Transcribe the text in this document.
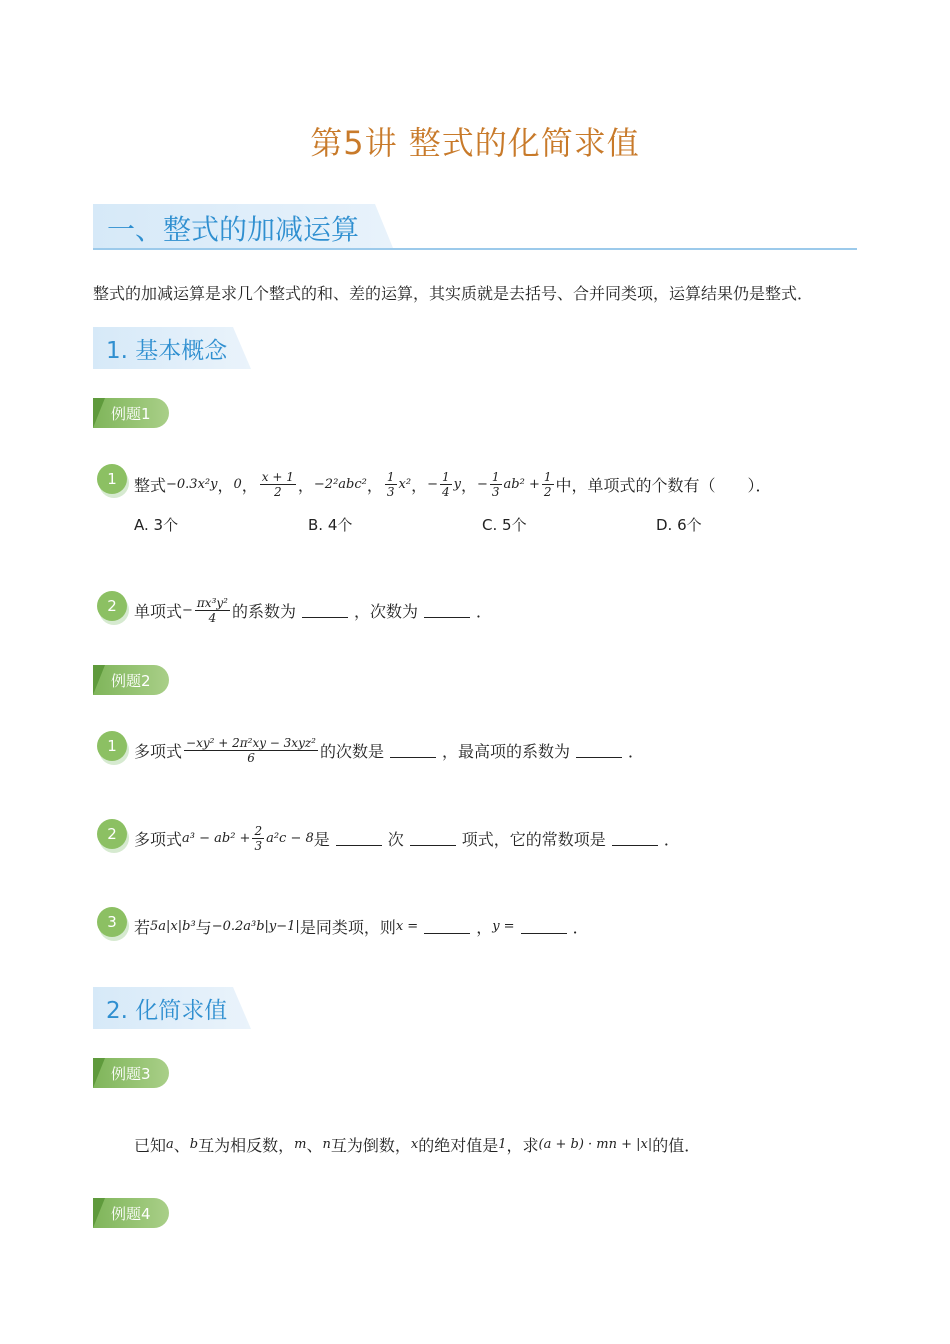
第5讲 整式的化简求值
一、整式的加减运算
整式的加减运算是求几个整式的和、差的运算，其实质就是去括号、合并同类项，运算结果仍是整式．
1. 基本概念
例题1
1	整式 −0.3x²y ， 0 ， $\frac{x + 1}{2}$ ， −2²abc² ， $\frac{1}{3} x^2$ ， − $\frac{1}{4}$ y ， − $\frac{1}{3} ab^2 + \frac{1}{2}$ 中，单项式的个数有（　　）．
A. 3个	B. 4个	C. 5个	D. 6个
2	单项式 − $\frac{\text{πx³y²}}{4}$ 的系数为	，次数为	．
例题2
1	多项式 $\frac{\text{−xy² + 2π²xy − 3xyz²}}{6}$ 的次数是	，最高项的系数为	．
2	多项式 $a^3 - ab^2 + \frac{2}{3} a^2c - 8$ 是	次	项式，它的常数项是	．
3	若 5a|x|b³ 与 −0.2a³b|y−1| 是同类项，则 x =	， y =	．
2. 化简求值
例题3
已知 a 、 b 互为相反数， m 、 n 互为倒数， x 的绝对值是 1 ，求 (a + b) · mn + |x| 的值．
例题4
